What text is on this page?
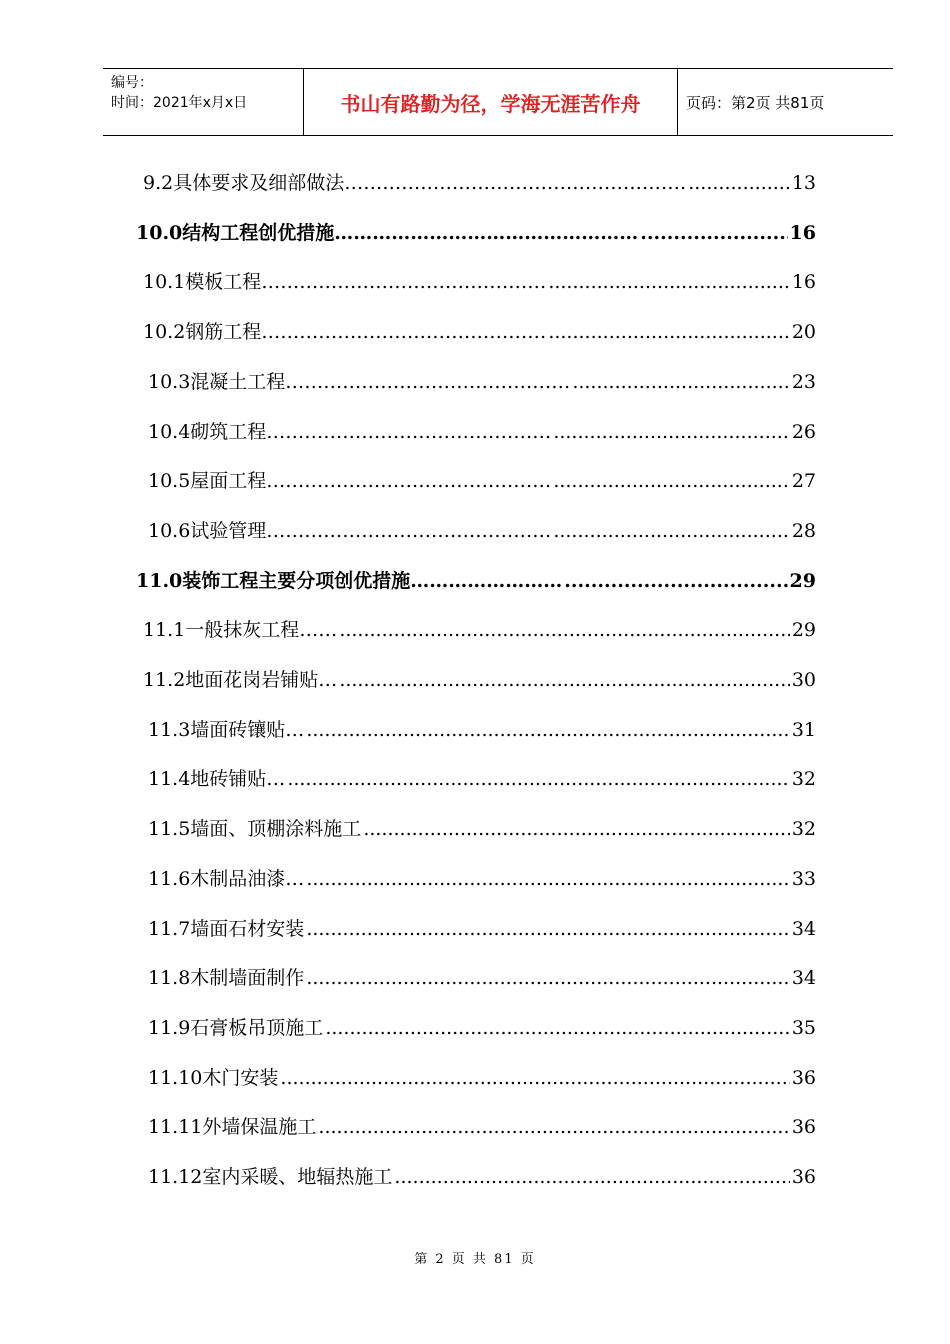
编号：
时间：2021年x月x日	书山有路勤为径，学海无涯苦作舟	页码：第2页 共81页
9.2具体要求及细部做法……………………………………………… .....	13
10.0结构工程创优措施………………………………………… .....	16
10.1模板工程……………………………………… .....	16
10.2钢筋工程……………………………………… .....	20
10.3混凝土工程……………………………………… .....	23
10.4砌筑工程……………………………………… .....	26
10.5屋面工程……………………………………… .....	27
10.6试验管理……………………………………… .....	28
11.0装饰工程主要分项创优措施…………………… .....	29
11.1一般抹灰工程…… .....	29
11.2地面花岗岩铺贴… .....	30
11.3墙面砖镶贴… .....	31
11.4地砖铺贴… .....	32
11.5墙面、顶棚涂料施工 .....	32
11.6木制品油漆… .....	33
11.7墙面石材安装 .....	34
11.8木制墙面制作 .....	34
11.9石膏板吊顶施工 .....	35
11.10木门安装 .....	36
11.11外墙保温施工 .....	36
11.12室内采暖、地辐热施工 .....	36
第 2 页 共 81 页
